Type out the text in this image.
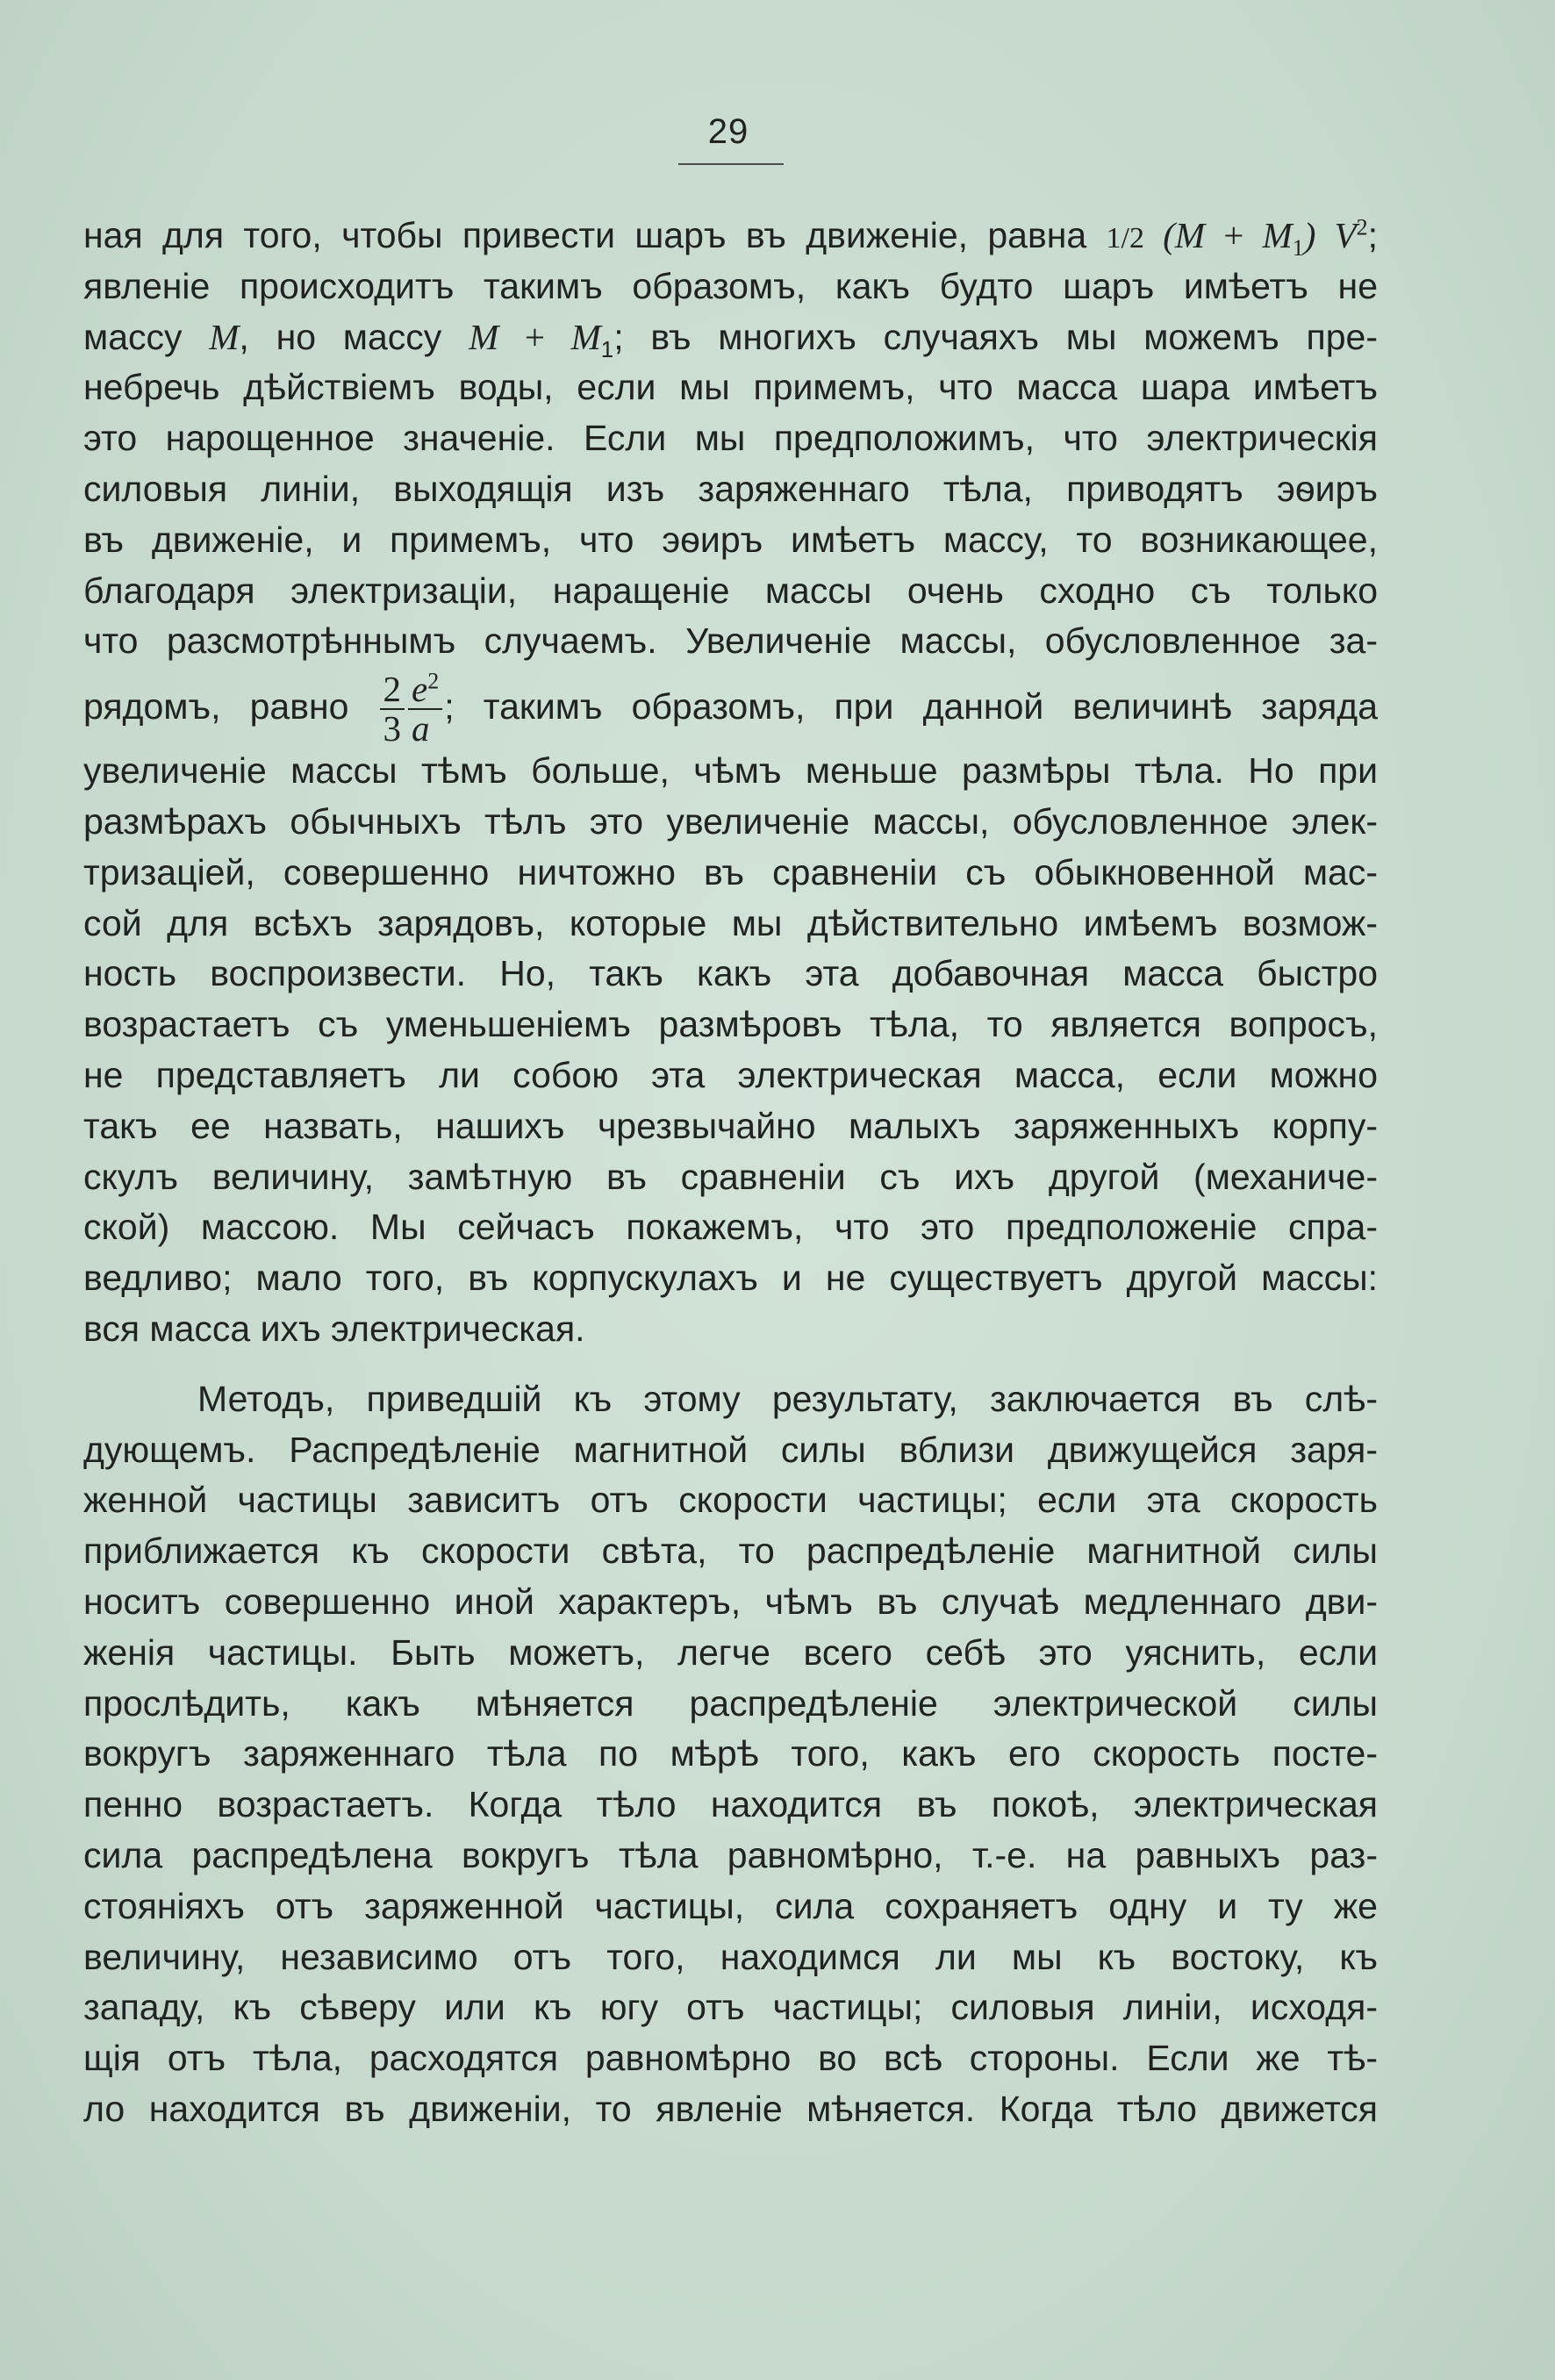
29
ная для того, чтобы привести шаръ въ движенiе, равна 1/2 $(M + M_1)$ $V^2$;
явленiе происходитъ такимъ образомъ, какъ будто шаръ имѣетъ не
массу M, но массу $M + M_1$; въ многихъ случаяхъ мы можемъ пре-
небречь дѣйствiемъ воды, если мы примемъ, что масса шара имѣетъ
это нарощенное значенiе. Если мы предположимъ, что электрическiя
силовыя линiи, выходящiя изъ заряженнаго тѣла, приводятъ эѳиръ
въ движенiе, и примемъ, что эѳиръ имѣетъ массу, то возникающее,
благодаря электризацiи, наращенiе массы очень сходно съ только
что разсмотрѣннымъ случаемъ. Увеличенiе массы, обусловленное за-
рядомъ, равно $\frac{2}{3} \frac{e^2}{a}$ ; такимъ образомъ, при данной величинѣ заряда
увеличенiе массы тѣмъ больше, чѣмъ меньше размѣры тѣла. Но при
размѣрахъ обычныхъ тѣлъ это увеличенiе массы, обусловленное элек-
тризацiей, совершенно ничтожно въ сравненiи съ обыкновенной мас-
сой для всѣхъ зарядовъ, которые мы дѣйствительно имѣемъ возмож-
ность воспроизвести. Но, такъ какъ эта добавочная масса быстро
возрастаетъ съ уменьшенiемъ размѣровъ тѣла, то является вопросъ,
не представляетъ ли собою эта электрическая масса, если можно
такъ ее назвать, нашихъ чрезвычайно малыхъ заряженныхъ корпу-
скулъ величину, замѣтную въ сравненiи съ ихъ другой (механиче-
ской) массою. Мы сейчасъ покажемъ, что это предположенiе спра-
ведливо; мало того, въ корпускулахъ и не существуетъ другой массы:
вся масса ихъ электрическая.
Методъ, приведшiй къ этому результату, заключается въ слѣ-
дующемъ. Распредѣленiе магнитной силы вблизи движущейся заря-
женной частицы зависитъ отъ скорости частицы; если эта скорость
приближается къ скорости свѣта, то распредѣленiе магнитной силы
носитъ совершенно иной характеръ, чѣмъ въ случаѣ медленнаго дви-
женiя частицы. Быть можетъ, легче всего себѣ это уяснить, если
прослѣдить, какъ мѣняется распредѣленiе электрической силы
вокругъ заряженнаго тѣла по мѣрѣ того, какъ его скорость посте-
пенно возрастаетъ. Когда тѣло находится въ покоѣ, электрическая
сила распредѣлена вокругъ тѣла равномѣрно, т.-е. на равныхъ раз-
стоянiяхъ отъ заряженной частицы, сила сохраняетъ одну и ту же
величину, независимо отъ того, находимся ли мы къ востоку, къ
западу, къ сѣверу или къ югу отъ частицы; силовыя линiи, исходя-
щiя отъ тѣла, расходятся равномѣрно во всѣ стороны. Если же тѣ-
ло находится въ движенiи, то явленiе мѣняется. Когда тѣло движется
